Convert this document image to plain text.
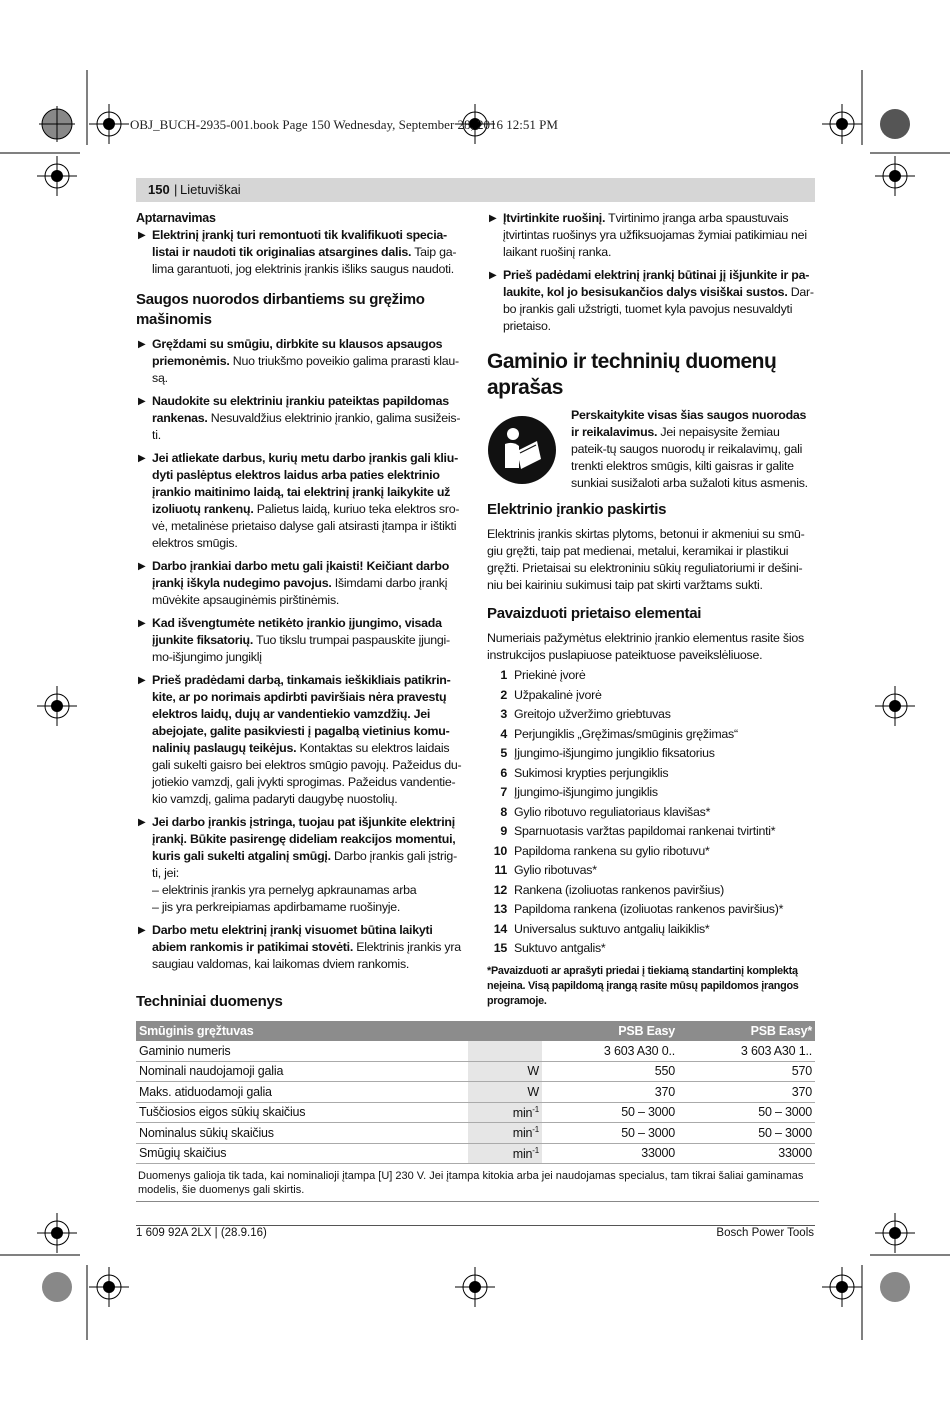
OBJ_BUCH-2935-001.book Page 150 Wednesday, September 28, 2016 12:51 PM
150 | Lietuviškai

Aptarnavimas

▶ Elektrinį įrankį turi remontuoti tik kvalifikuoti specia-listai ir naudoti tik originalias atsargines dalis. Taip ga-lima garantuoti, jog elektrinis įrankis išliks saugus naudoti.

Saugos nuorodos dirbantiems su gręžimo mašinomis

▶ Gręždami su smūgiu, dirbkite su klausos apsaugos priemonėmis. Nuo triukšmo poveikio galima prarasti klau-są.
▶ Naudokite su elektriniu įrankiu pateiktas papildomas rankenas. Nesuvaldžius elektrinio įrankio, galima susižeis-ti.
▶ Jei atliekate darbus, kurių metu darbo įrankis gali kliu-dyti paslėptus elektros laidus arba paties elektrinio įrankio maitinimo laidą, tai elektrinį įrankį laikykite už izoliuotų rankenų. Palietus laidą, kuriuo teka elektros sro-vė, metalinėse prietaiso dalyse gali atsirasti įtampa ir ištikti elektros smūgis.
▶ Darbo įrankiai darbo metu gali įkaisti! Keičiant darbo įrankį iškyla nudegimo pavojus. Išimdami darbo įrankį mūvėkite apsauginėmis pirštinėmis.
▶ Kad išvengtumėte netikėto įrankio įjungimo, visada įjunkite fiksatorių. Tuo tikslu trumpai paspauskite įjungi-mo-išjungimo jungiklį
▶ Prieš pradėdami darbą, tinkamais ieškikliais patikrin-kite, ar po norimais apdirbti paviršiais nėra pravestų elektros laidų, dujų ar vandentiekio vamzdžių. Jei abejojate, galite pasikviesti į pagalbą vietinius komu-nalinių paslaugų teikėjus. Kontaktas su elektros laidais gali sukelti gaisro bei elektros smūgio pavojų. Pažeidus du-jotiekio vamzdį, gali įvykti sprogimas. Pažeidus vandentie-kio vamzdį, galima padaryti daugybę nuostolių.
▶ Jei darbo įrankis įstringa, tuojau pat išjunkite elektrinį įrankį. Būkite pasirengę dideliam reakcijos momentui, kuris gali sukelti atgalinį smūgį. Darbo įrankis gali įstrig-ti, jei:
– elektrinis įrankis yra pernelyg apkraunamas arba
– jis yra perkreipiamas apdirbamame ruošinyje.
▶ Darbo metu elektrinį įrankį visuomet būtina laikyti abiem rankomis ir patikimai stovėti. Elektrinis įrankis yra saugiau valdomas, kai laikomas dviem rankomis.
▶ Įtvirtinkite ruošinį. Tvirtinimo įranga arba spaustuvais įtvirtintas ruošinys yra užfiksuojamas žymiai patikimiau nei laikant ruošinį ranka.
▶ Prieš padėdami elektrinį įrankį būtinai jį išjunkite ir pa-laukite, kol jo besisukančios dalys visiškai sustos. Dar-bo įrankis gali užstrigti, tuomet kyla pavojus nesuvaldyti prietaiso.

Gaminio ir techninių duomenų aprašas

Perskaitykite visas šias saugos nuorodas ir reikalavimus. Jei nepaisysite žemiau pateik-tų saugos nuorodų ir reikalavimų, gali trenkti elektros smūgis, kilti gaisras ir galite sunkiai susižaloti arba sužaloti kitus asmenis.

Elektrinio įrankio paskirtis

Elektrinis įrankis skirtas plytoms, betonui ir akmeniui su smū-giu gręžti, taip pat medienai, metalui, keramikai ir plastikui gręžti. Prietaisai su elektroniniu sūkių reguliatoriumi ir dešini-niu bei kairiniu sukimusi taip pat skirti varžtams sukti.

Pavaizduoti prietaiso elementai

Numeriais pažymėtus elektrinio įrankio elementus rasite šios instrukcijos puslapiuose pateiktuose paveikslėliuose.

1 Priekinė įvorė
2 Užpakalinė įvorė
3 Greitojo užveržimo griebtuvas
4 Perjungiklis „Gręžimas/smūginis gręžimas“
5 Įjungimo-išjungimo jungiklio fiksatorius
6 Sukimosi krypties perjungiklis
7 Įjungimo-išjungimo jungiklis
8 Gylio ribotuvo reguliatoriaus klavišas*
9 Sparnuotasis varžtas papildomai rankenai tvirtinti*
10 Papildoma rankena su gylio ribotuvu*
11 Gylio ribotuvas*
12 Rankena (izoliuotas rankenos paviršius)
13 Papildoma rankena (izoliuotas rankenos paviršius)*
14 Universalus suktuvo antgalių laikiklis*
15 Suktuvo antgalis*

*Pavaizduoti ar aprašyti priedai į tiekiamą standartinį komplektą neįeina. Visą papildomą įrangą rasite mūsų papildomos įrangos programoje.

Techniniai duomenys
Smūginis gręžtuvas		PSB Easy	PSB Easy*
Gaminio numeris		3 603 A30 0..	3 603 A30 1..
Nominali naudojamoji galia	W	550	570
Maks. atiduodamoji galia	W	370	370
Tuščiosios eigos sūkių skaičius	$\min^{-1}$	50 – 3000	50 – 3000
Nominalus sūkių skaičius	$\min^{-1}$	50 – 3000	50 – 3000
Smūgių skaičius	$\min^{-1}$	33000	33000
Duomenys galioja tik tada, kai nominalioji įtampa [U] 230 V. Jei įtampa kitokia arba jei naudojamas specialus, tam tikrai šaliai gaminamas modelis, šie duomenys gali skirtis.
1 609 92A 2LX | (28.9.16)	Bosch Power Tools
